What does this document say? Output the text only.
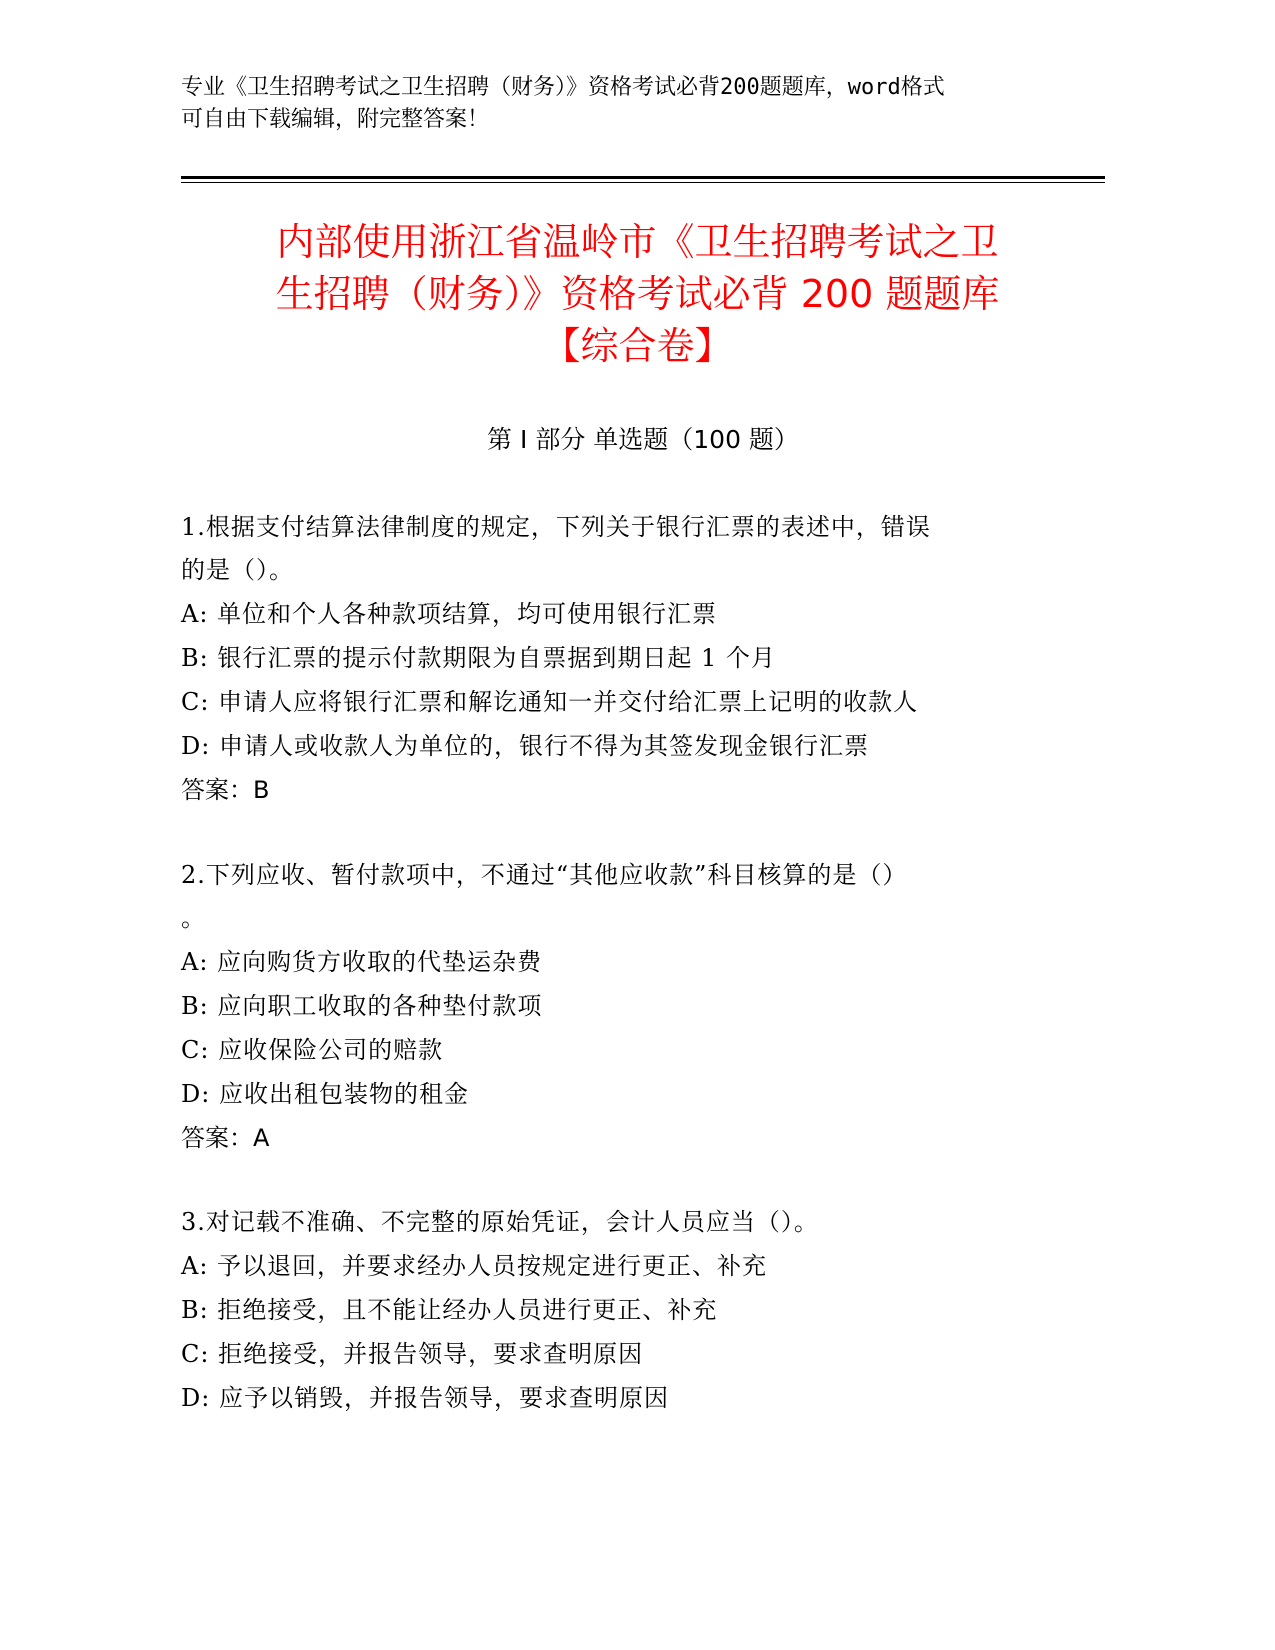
专业《卫生招聘考试之卫生招聘（财务）》资格考试必背200题题库，word格式
可自由下载编辑，附完整答案！
内部使用浙江省温岭市《卫生招聘考试之卫
生招聘（财务）》资格考试必背 200 题题库
【综合卷】
第 I 部分 单选题（100 题）
1.根据支付结算法律制度的规定，下列关于银行汇票的表述中，错误
的是（）。
A: 单位和个人各种款项结算，均可使用银行汇票
B: 银行汇票的提示付款期限为自票据到期日起 1 个月
C: 申请人应将银行汇票和解讫通知一并交付给汇票上记明的收款人
D: 申请人或收款人为单位的，银行不得为其签发现金银行汇票
答案：B
2.下列应收、暂付款项中，不通过“其他应收款”科目核算的是（）
。
A: 应向购货方收取的代垫运杂费
B: 应向职工收取的各种垫付款项
C: 应收保险公司的赔款
D: 应收出租包装物的租金
答案：A
3.对记载不准确、不完整的原始凭证，会计人员应当（）。
A: 予以退回，并要求经办人员按规定进行更正、补充
B: 拒绝接受，且不能让经办人员进行更正、补充
C: 拒绝接受，并报告领导，要求查明原因
D: 应予以销毁，并报告领导，要求查明原因
